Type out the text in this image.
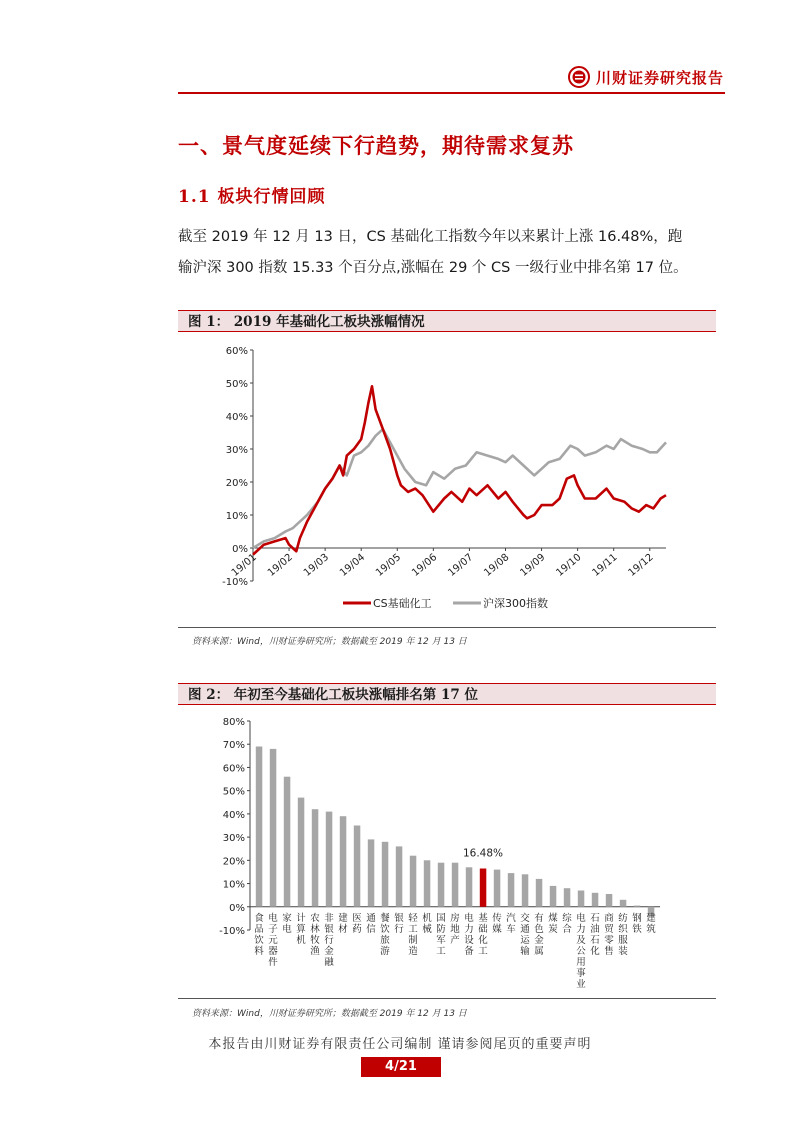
川财证券研究报告
一、景气度延续下行趋势，期待需求复苏
1.1 板块行情回顾

截至 2019 年 12 月 13 日，CS 基础化工指数今年以来累计上涨 16.48%，跑

输沪深 300 指数 15.33 个百分点,涨幅在 29 个 CS 一级行业中排名第 17 位。

图 1： 2019 年基础化工板块涨幅情况
-10%
0%
10%
20%
30%
40%
50%
60%
19/01 19/02 19/03 19/04 19/05 19/06 19/07 19/08 19/09 19/10 19/11 19/12
CS基础化工	沪深300指数
资料来源：Wind，川财证券研究所；数据截至 2019 年 12 月 13 日
图 2： 年初至今基础化工板块涨幅排名第 17 位
-10%
0%
10%
20%
30%
40%
50%
60%
70%
80%
食品饮料
电子元器件
家电
计算机
农林牧渔
非银行金融
建材
医药
通信
餐饮旅游
银行
轻工制造
机械
国防军工
房地产
电力设备
基础化工
传媒
汽车
交通运输
有色金属
煤炭
综合
电力及公用事业
石油石化
商贸零售
纺织服装
钢铁
建筑
16.48%
资料来源：Wind，川财证券研究所；数据截至 2019 年 12 月 13 日
本报告由川财证券有限责任公司编制 谨请参阅尾页的重要声明
4/21
